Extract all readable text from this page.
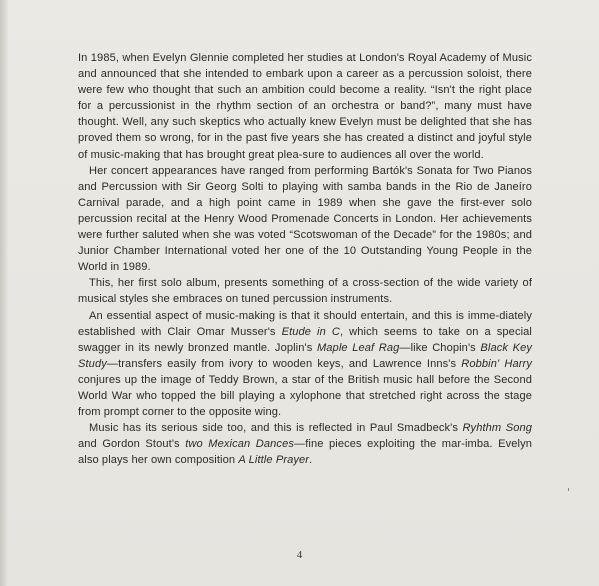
In 1985, when Evelyn Glennie completed her studies at London's Royal Academy of Music and announced that she intended to embark upon a career as a percussion soloist, there were few who thought that such an ambition could become a reality. “Isn't the right place for a percussionist in the rhythm section of an orchestra or band?”, many must have thought. Well, any such skeptics who actually knew Evelyn must be delighted that she has proved them so wrong, for in the past five years she has created a distinct and joyful style of music-making that has brought great plea-sure to audiences all over the world.

Her concert appearances have ranged from performing Bartók's Sonata for Two Pianos and Percussion with Sir Georg Solti to playing with samba bands in the Rio de Janeíro Carnival parade, and a high point came in 1989 when she gave the first-ever solo percussion recital at the Henry Wood Promenade Concerts in London. Her achievements were further saluted when she was voted “Scotswoman of the Decade” for the 1980s; and Junior Chamber International voted her one of the 10 Outstanding Young People in the World in 1989.

This, her first solo album, presents something of a cross-section of the wide variety of musical styles she embraces on tuned percussion instruments.

An essential aspect of music-making is that it should entertain, and this is imme-diately established with Clair Omar Musser's Etude in C, which seems to take on a special swagger in its newly bronzed mantle. Joplin's Maple Leaf Rag—like Chopin's Black Key Study—transfers easily from ivory to wooden keys, and Lawrence Inns's Robbin' Harry conjures up the image of Teddy Brown, a star of the British music hall before the Second World War who topped the bill playing a xylophone that stretched right across the stage from prompt corner to the opposite wing.

Music has its serious side too, and this is reflected in Paul Smadbeck's Ryhthm Song and Gordon Stout's two Mexican Dances—fine pieces exploiting the mar-imba. Evelyn also plays her own composition A Little Prayer.

4
